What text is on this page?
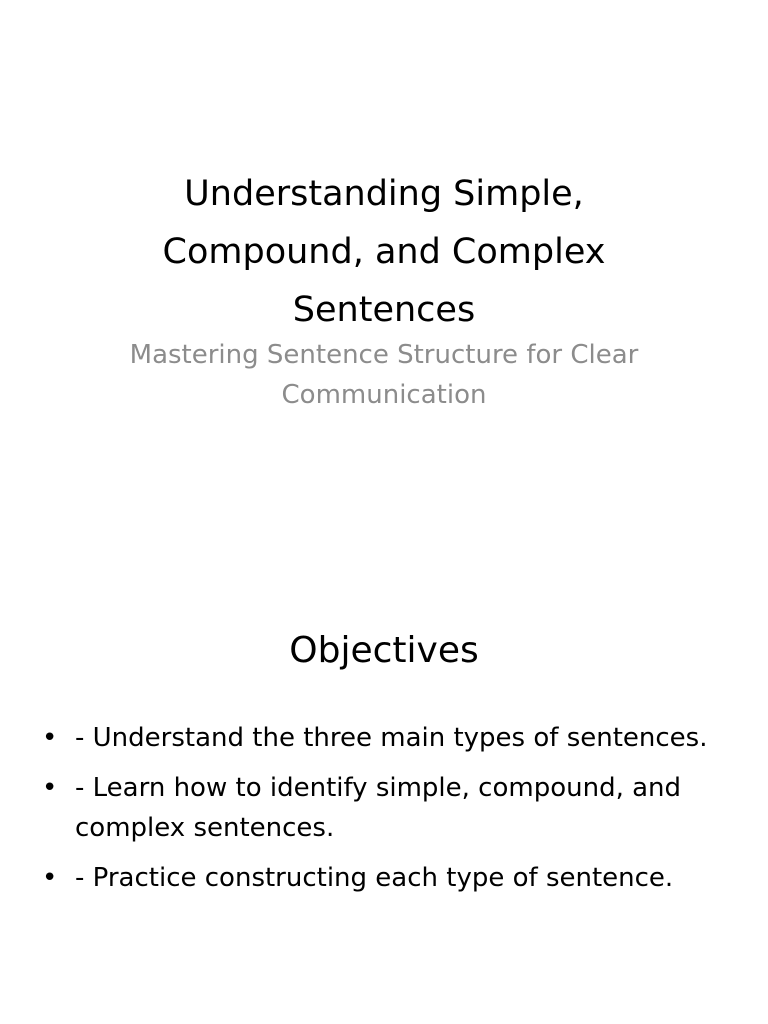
Understanding Simple, Compound, and Complex Sentences

Mastering Sentence Structure for Clear Communication

Objectives
• - Understand the three main types of sentences.
• - Learn how to identify simple, compound, and complex sentences.
• - Practice constructing each type of sentence.
